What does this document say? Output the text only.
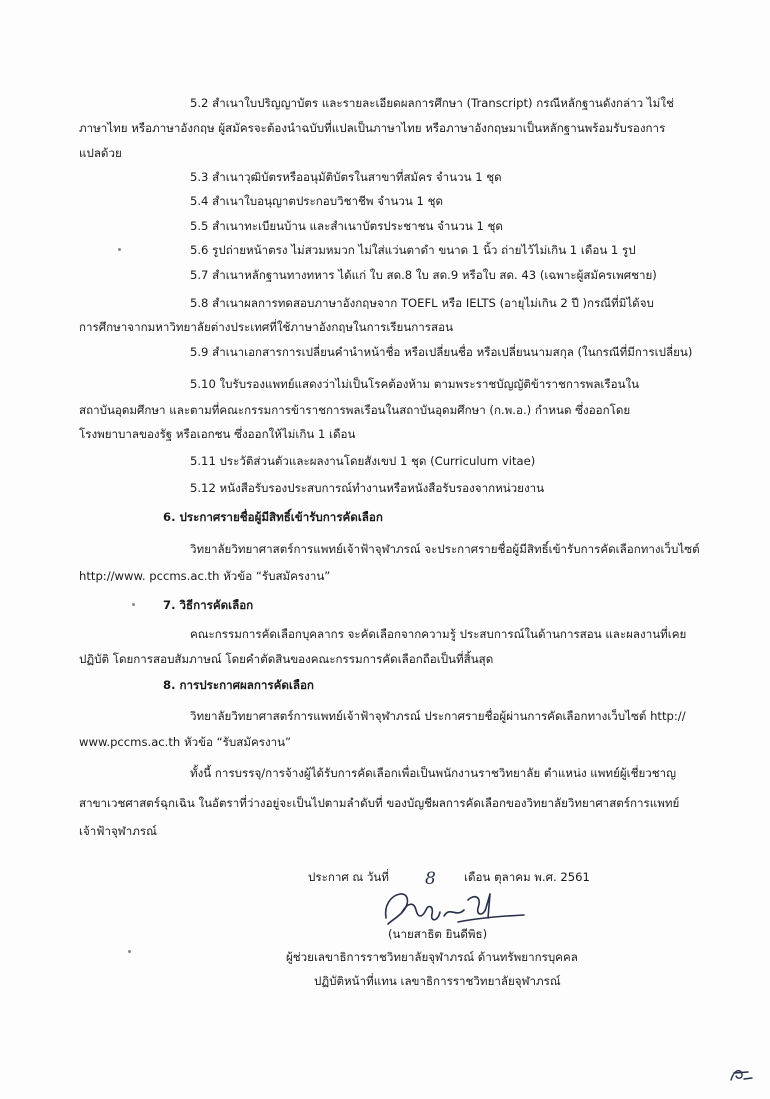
5.2 สำเนาใบปริญญาบัตร และรายละเอียดผลการศึกษา (Transcript) กรณีหลักฐานดังกล่าว ไม่ใช่

ภาษาไทย หรือภาษาอังกฤษ ผู้สมัครจะต้องนำฉบับที่แปลเป็นภาษาไทย หรือภาษาอังกฤษมาเป็นหลักฐานพร้อมรับรองการ

แปลด้วย

5.3 สำเนาวุฒิบัตรหรืออนุมัติบัตรในสาขาที่สมัคร จำนวน 1 ชุด

5.4 สำเนาใบอนุญาตประกอบวิชาชีพ จำนวน 1 ชุด

5.5 สำเนาทะเบียนบ้าน และสำเนาบัตรประชาชน จำนวน 1 ชุด

5.6 รูปถ่ายหน้าตรง ไม่สวมหมวก ไม่ใส่แว่นตาดำ ขนาด 1 นิ้ว ถ่ายไว้ไม่เกิน 1 เดือน 1 รูป

5.7 สำเนาหลักฐานทางทหาร ได้แก่ ใบ สด.8 ใบ สด.9 หรือใบ สด. 43 (เฉพาะผู้สมัครเพศชาย)

5.8 สำเนาผลการทดสอบภาษาอังกฤษจาก TOEFL หรือ IELTS (อายุไม่เกิน 2 ปี )กรณีที่มิได้จบ

การศึกษาจากมหาวิทยาลัยต่างประเทศที่ใช้ภาษาอังกฤษในการเรียนการสอน

5.9 สำเนาเอกสารการเปลี่ยนคำนำหน้าชื่อ หรือเปลี่ยนชื่อ หรือเปลี่ยนนามสกุล (ในกรณีที่มีการเปลี่ยน)

5.10 ใบรับรองแพทย์แสดงว่าไม่เป็นโรคต้องห้าม ตามพระราชบัญญัติข้าราชการพลเรือนใน

สถาบันอุดมศึกษา และตามที่คณะกรรมการข้าราชการพลเรือนในสถาบันอุดมศึกษา (ก.พ.อ.) กำหนด ซึ่งออกโดย

โรงพยาบาลของรัฐ หรือเอกชน ซึ่งออกให้ไม่เกิน 1 เดือน

5.11 ประวัติส่วนตัวและผลงานโดยสังเขป 1 ชุด (Curriculum vitae)

5.12 หนังสือรับรองประสบการณ์ทำงานหรือหนังสือรับรองจากหน่วยงาน

6. ประกาศรายชื่อผู้มีสิทธิ์เข้ารับการคัดเลือก

วิทยาลัยวิทยาศาสตร์การแพทย์เจ้าฟ้าจุฬาภรณ์ จะประกาศรายชื่อผู้มีสิทธิ์เข้ารับการคัดเลือกทางเว็บไซต์

http://www. pccms.ac.th หัวข้อ “รับสมัครงาน”

7. วิธีการคัดเลือก

คณะกรรมการคัดเลือกบุคลากร จะคัดเลือกจากความรู้ ประสบการณ์ในด้านการสอน และผลงานที่เคย

ปฏิบัติ โดยการสอบสัมภาษณ์ โดยคำตัดสินของคณะกรรมการคัดเลือกถือเป็นที่สิ้นสุด

8. การประกาศผลการคัดเลือก

วิทยาลัยวิทยาศาสตร์การแพทย์เจ้าฟ้าจุฬาภรณ์ ประกาศรายชื่อผู้ผ่านการคัดเลือกทางเว็บไซต์ http://

www.pccms.ac.th หัวข้อ “รับสมัครงาน”

ทั้งนี้ การบรรจุ/การจ้างผู้ได้รับการคัดเลือกเพื่อเป็นพนักงานราชวิทยาลัย ตำแหน่ง แพทย์ผู้เชี่ยวชาญ

สาขาเวชศาสตร์ฉุกเฉิน ในอัตราที่ว่างอยู่จะเป็นไปตามลำดับที่ ของบัญชีผลการคัดเลือกของวิทยาลัยวิทยาศาสตร์การแพทย์

เจ้าฟ้าจุฬาภรณ์

ประกาศ ณ วันที่ 8 เดือน ตุลาคม พ.ศ. 2561

(นายสาธิต ยินดีพิธ)

ผู้ช่วยเลขาธิการราชวิทยาลัยจุฬาภรณ์ ด้านทรัพยากรบุคคล

ปฏิบัติหน้าที่แทน เลขาธิการราชวิทยาลัยจุฬาภรณ์
